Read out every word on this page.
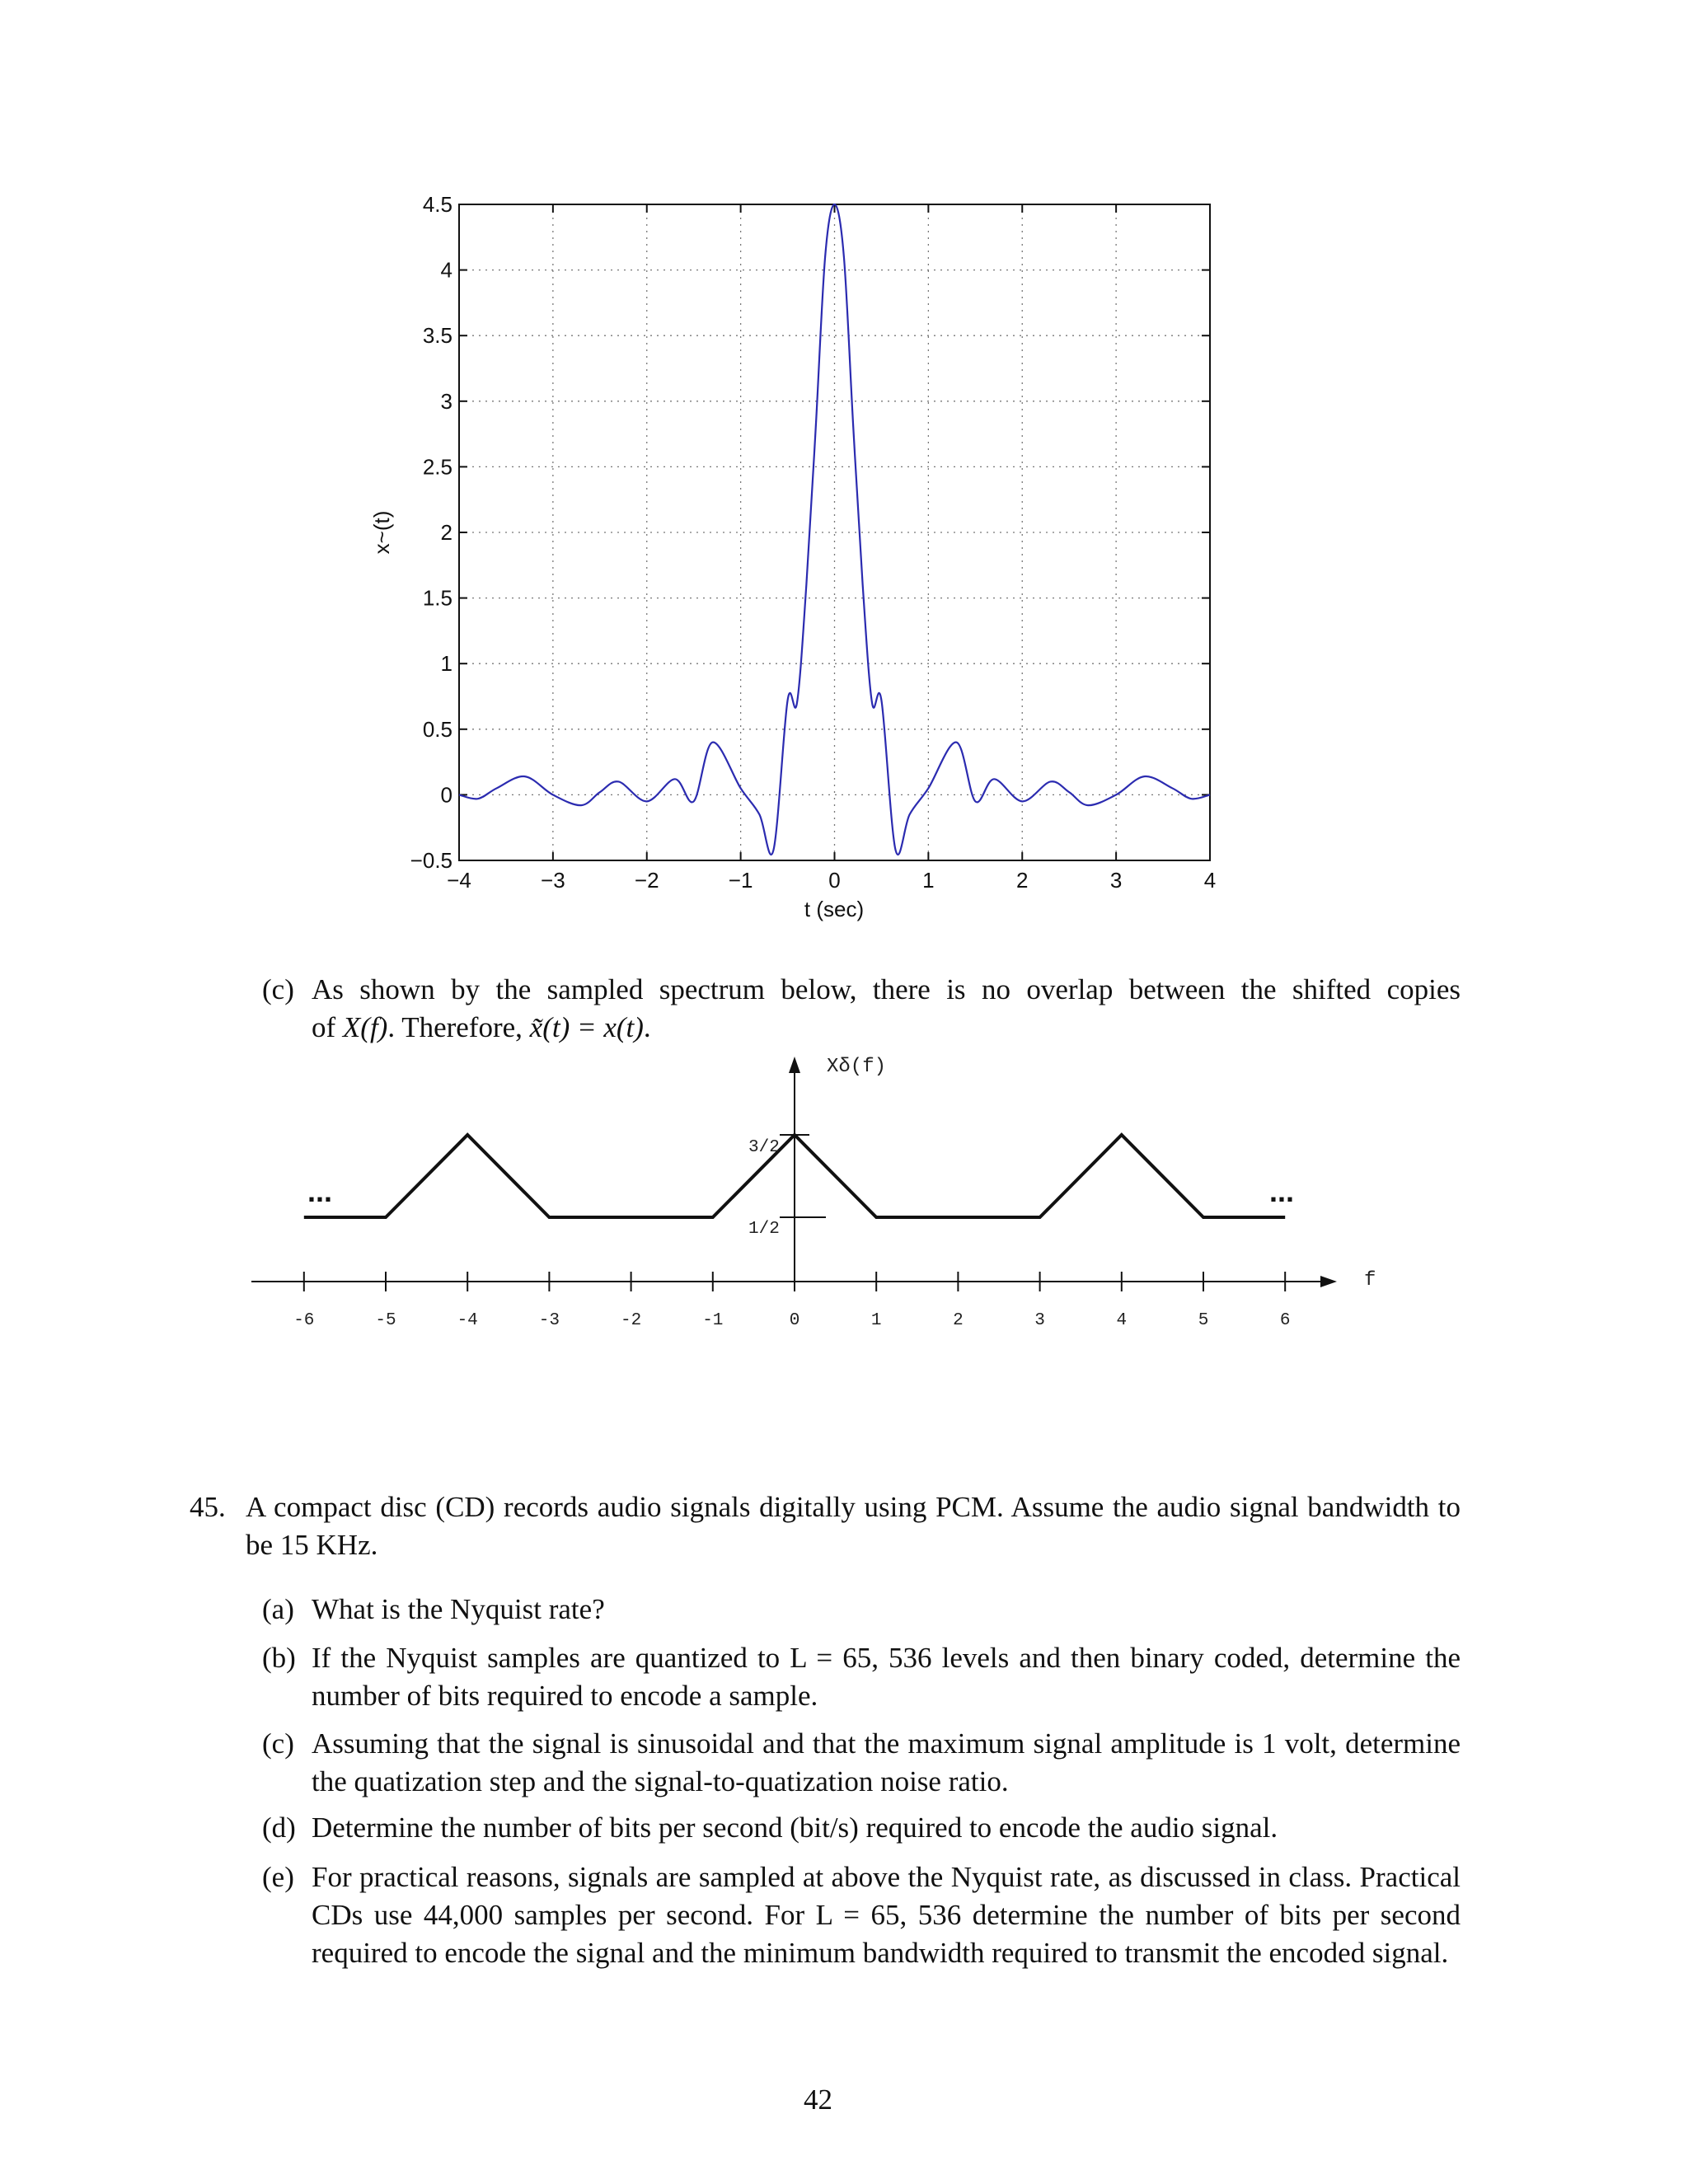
−4	−3	−2	−1	0	1	2	3	4
−0.5
0
0.5
1
1.5
2
2.5
3
3.5
4
4.5
t (sec)
x~(t)
(c) As shown by the sampled spectrum below, there is no overlap between the shifted copies
of X(f). Therefore, x̃(t) = x(t).
Xδ(f)
f
3/2
1/2
...	...
-6	-5	-4	-3	-2	-1	0	1	2	3	4	5	6
45. A compact disc (CD) records audio signals digitally using PCM. Assume the audio signal bandwidth to be 15 KHz.
(a) What is the Nyquist rate?
(b) If the Nyquist samples are quantized to L = 65, 536 levels and then binary coded, determine the number of bits required to encode a sample.
(c) Assuming that the signal is sinusoidal and that the maximum signal amplitude is 1 volt, determine the quatization step and the signal-to-quatization noise ratio.
(d) Determine the number of bits per second (bit/s) required to encode the audio signal.
(e) For practical reasons, signals are sampled at above the Nyquist rate, as discussed in class. Practical CDs use 44,000 samples per second. For L = 65, 536 determine the number of bits per second required to encode the signal and the minimum bandwidth required to transmit the encoded signal.
42
